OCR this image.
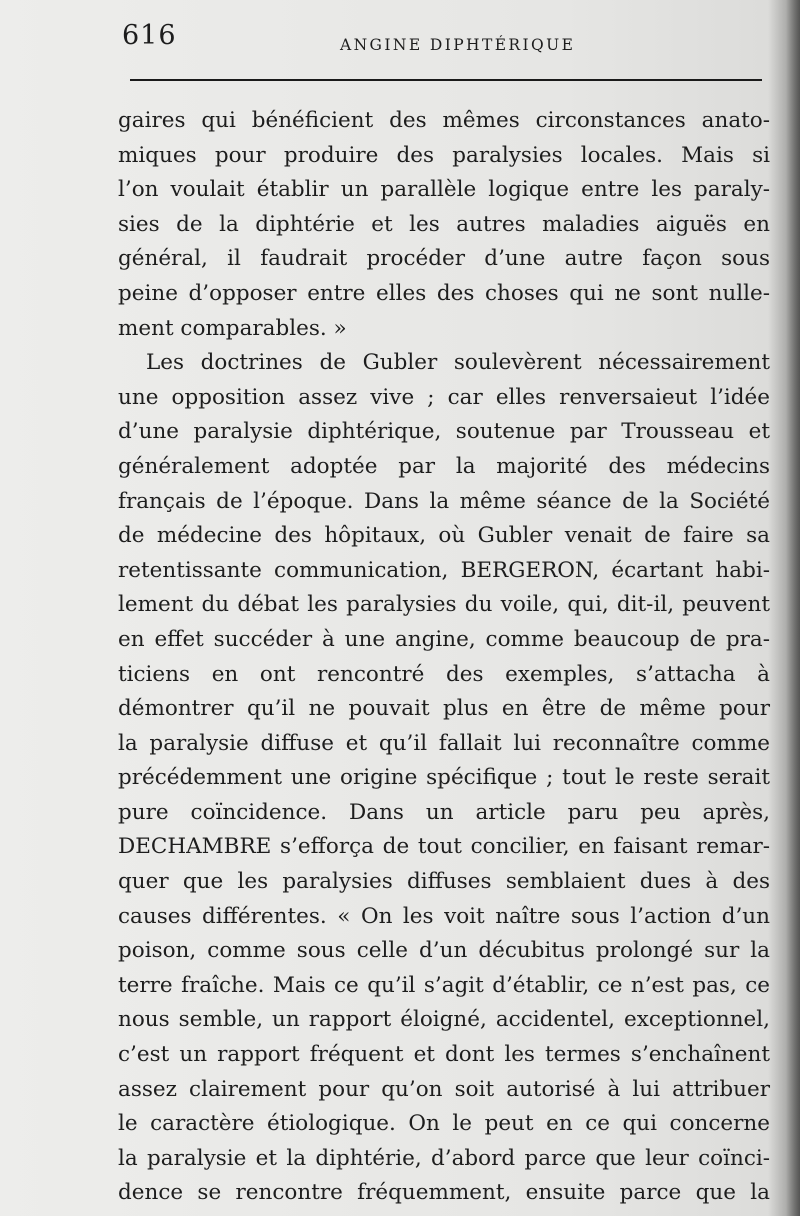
616	ANGINE DIPHTÉRIQUE
gaires qui bénéficient des mêmes circonstances anato-
miques pour produire des paralysies locales. Mais si
l’on voulait établir un parallèle logique entre les paraly-
sies de la diphtérie et les autres maladies aiguës en
général, il faudrait procéder d’une autre façon sous
peine d’opposer entre elles des choses qui ne sont nulle-
ment comparables. »
Les doctrines de Gubler soulevèrent nécessairement
une opposition assez vive ; car elles renversaieut l’idée
d’une paralysie diphtérique, soutenue par Trousseau et
généralement adoptée par la majorité des médecins
français de l’époque. Dans la même séance de la Société
de médecine des hôpitaux, où Gubler venait de faire sa
retentissante communication, BERGERON, écartant habi-
lement du débat les paralysies du voile, qui, dit-il, peuvent
en effet succéder à une angine, comme beaucoup de pra-
ticiens en ont rencontré des exemples, s’attacha à
démontrer qu’il ne pouvait plus en être de même pour
la paralysie diffuse et qu’il fallait lui reconnaître comme
précédemment une origine spécifique ; tout le reste serait
pure coïncidence. Dans un article paru peu après,
DECHAMBRE s’efforça de tout concilier, en faisant remar-
quer que les paralysies diffuses semblaient dues à des
causes différentes. « On les voit naître sous l’action d’un
poison, comme sous celle d’un décubitus prolongé sur la
terre fraîche. Mais ce qu’il s’agit d’établir, ce n’est pas, ce
nous semble, un rapport éloigné, accidentel, exceptionnel,
c’est un rapport fréquent et dont les termes s’enchaînent
assez clairement pour qu’on soit autorisé à lui attribuer
le caractère étiologique. On le peut en ce qui concerne
la paralysie et la diphtérie, d’abord parce que leur coïnci-
dence se rencontre fréquemment, ensuite parce que la
